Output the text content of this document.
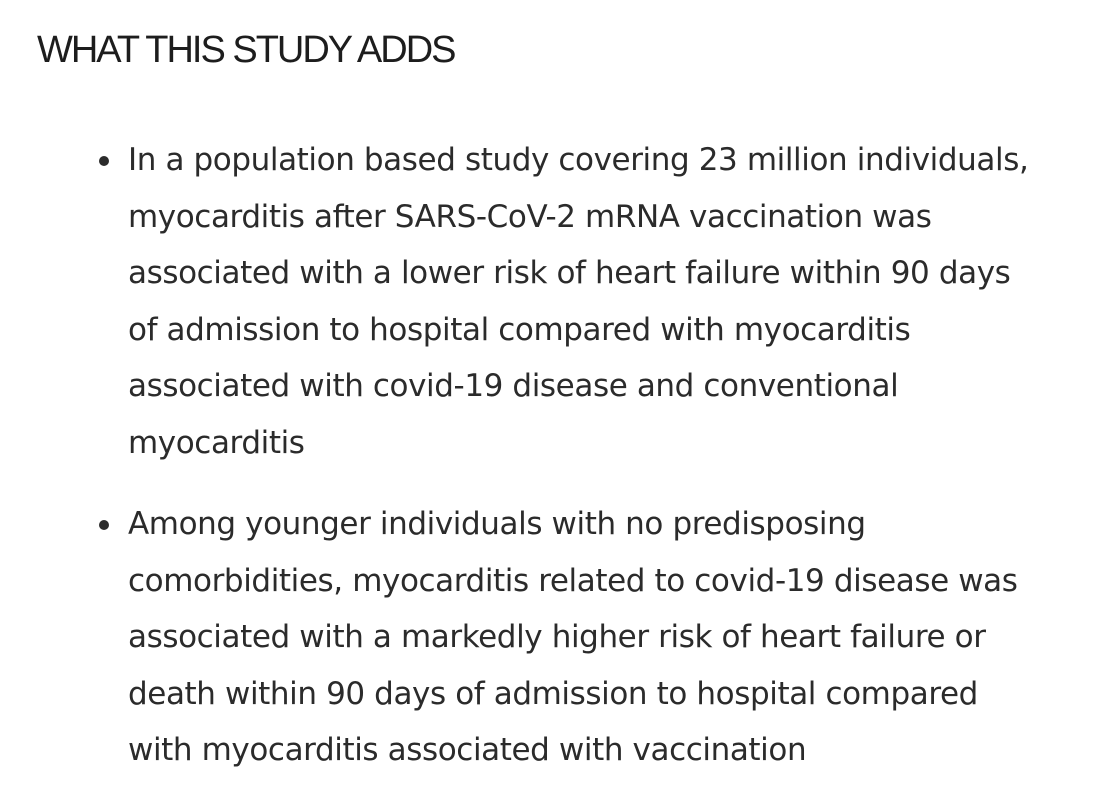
WHAT THIS STUDY ADDS
In a population based study covering 23 million individuals,
myocarditis after SARS-CoV-2 mRNA vaccination was
associated with a lower risk of heart failure within 90 days
of admission to hospital compared with myocarditis
associated with covid-19 disease and conventional
myocarditis
Among younger individuals with no predisposing
comorbidities, myocarditis related to covid-19 disease was
associated with a markedly higher risk of heart failure or
death within 90 days of admission to hospital compared
with myocarditis associated with vaccination
